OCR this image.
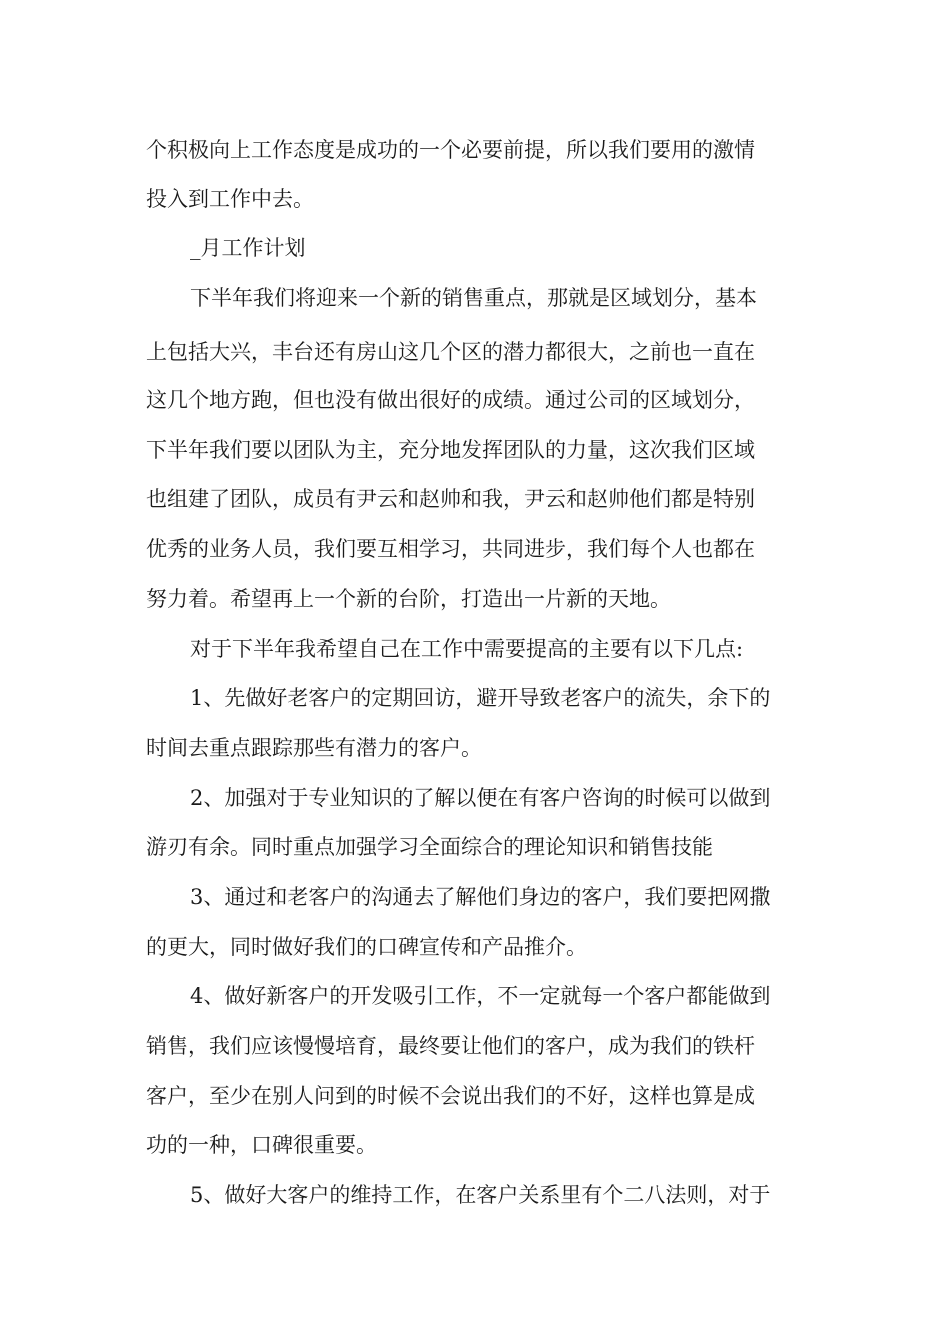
个积极向上工作态度是成功的一个必要前提，所以我们要用的激情

投入到工作中去。

_月工作计划

下半年我们将迎来一个新的销售重点，那就是区域划分，基本

上包括大兴，丰台还有房山这几个区的潜力都很大，之前也一直在

这几个地方跑，但也没有做出很好的成绩。通过公司的区域划分，

下半年我们要以团队为主，充分地发挥团队的力量，这次我们区域

也组建了团队，成员有尹云和赵帅和我，尹云和赵帅他们都是特别

优秀的业务人员，我们要互相学习，共同进步，我们每个人也都在

努力着。希望再上一个新的台阶，打造出一片新的天地。

对于下半年我希望自己在工作中需要提高的主要有以下几点:

1、先做好老客户的定期回访，避开导致老客户的流失，余下的

时间去重点跟踪那些有潜力的客户。

2、加强对于专业知识的了解以便在有客户咨询的时候可以做到

游刃有余。同时重点加强学习全面综合的理论知识和销售技能

3、通过和老客户的沟通去了解他们身边的客户，我们要把网撒

的更大，同时做好我们的口碑宣传和产品推介。

4、做好新客户的开发吸引工作，不一定就每一个客户都能做到

销售，我们应该慢慢培育，最终要让他们的客户，成为我们的铁杆

客户，至少在别人问到的时候不会说出我们的不好，这样也算是成

功的一种，口碑很重要。

5、做好大客户的维持工作，在客户关系里有个二八法则，对于
